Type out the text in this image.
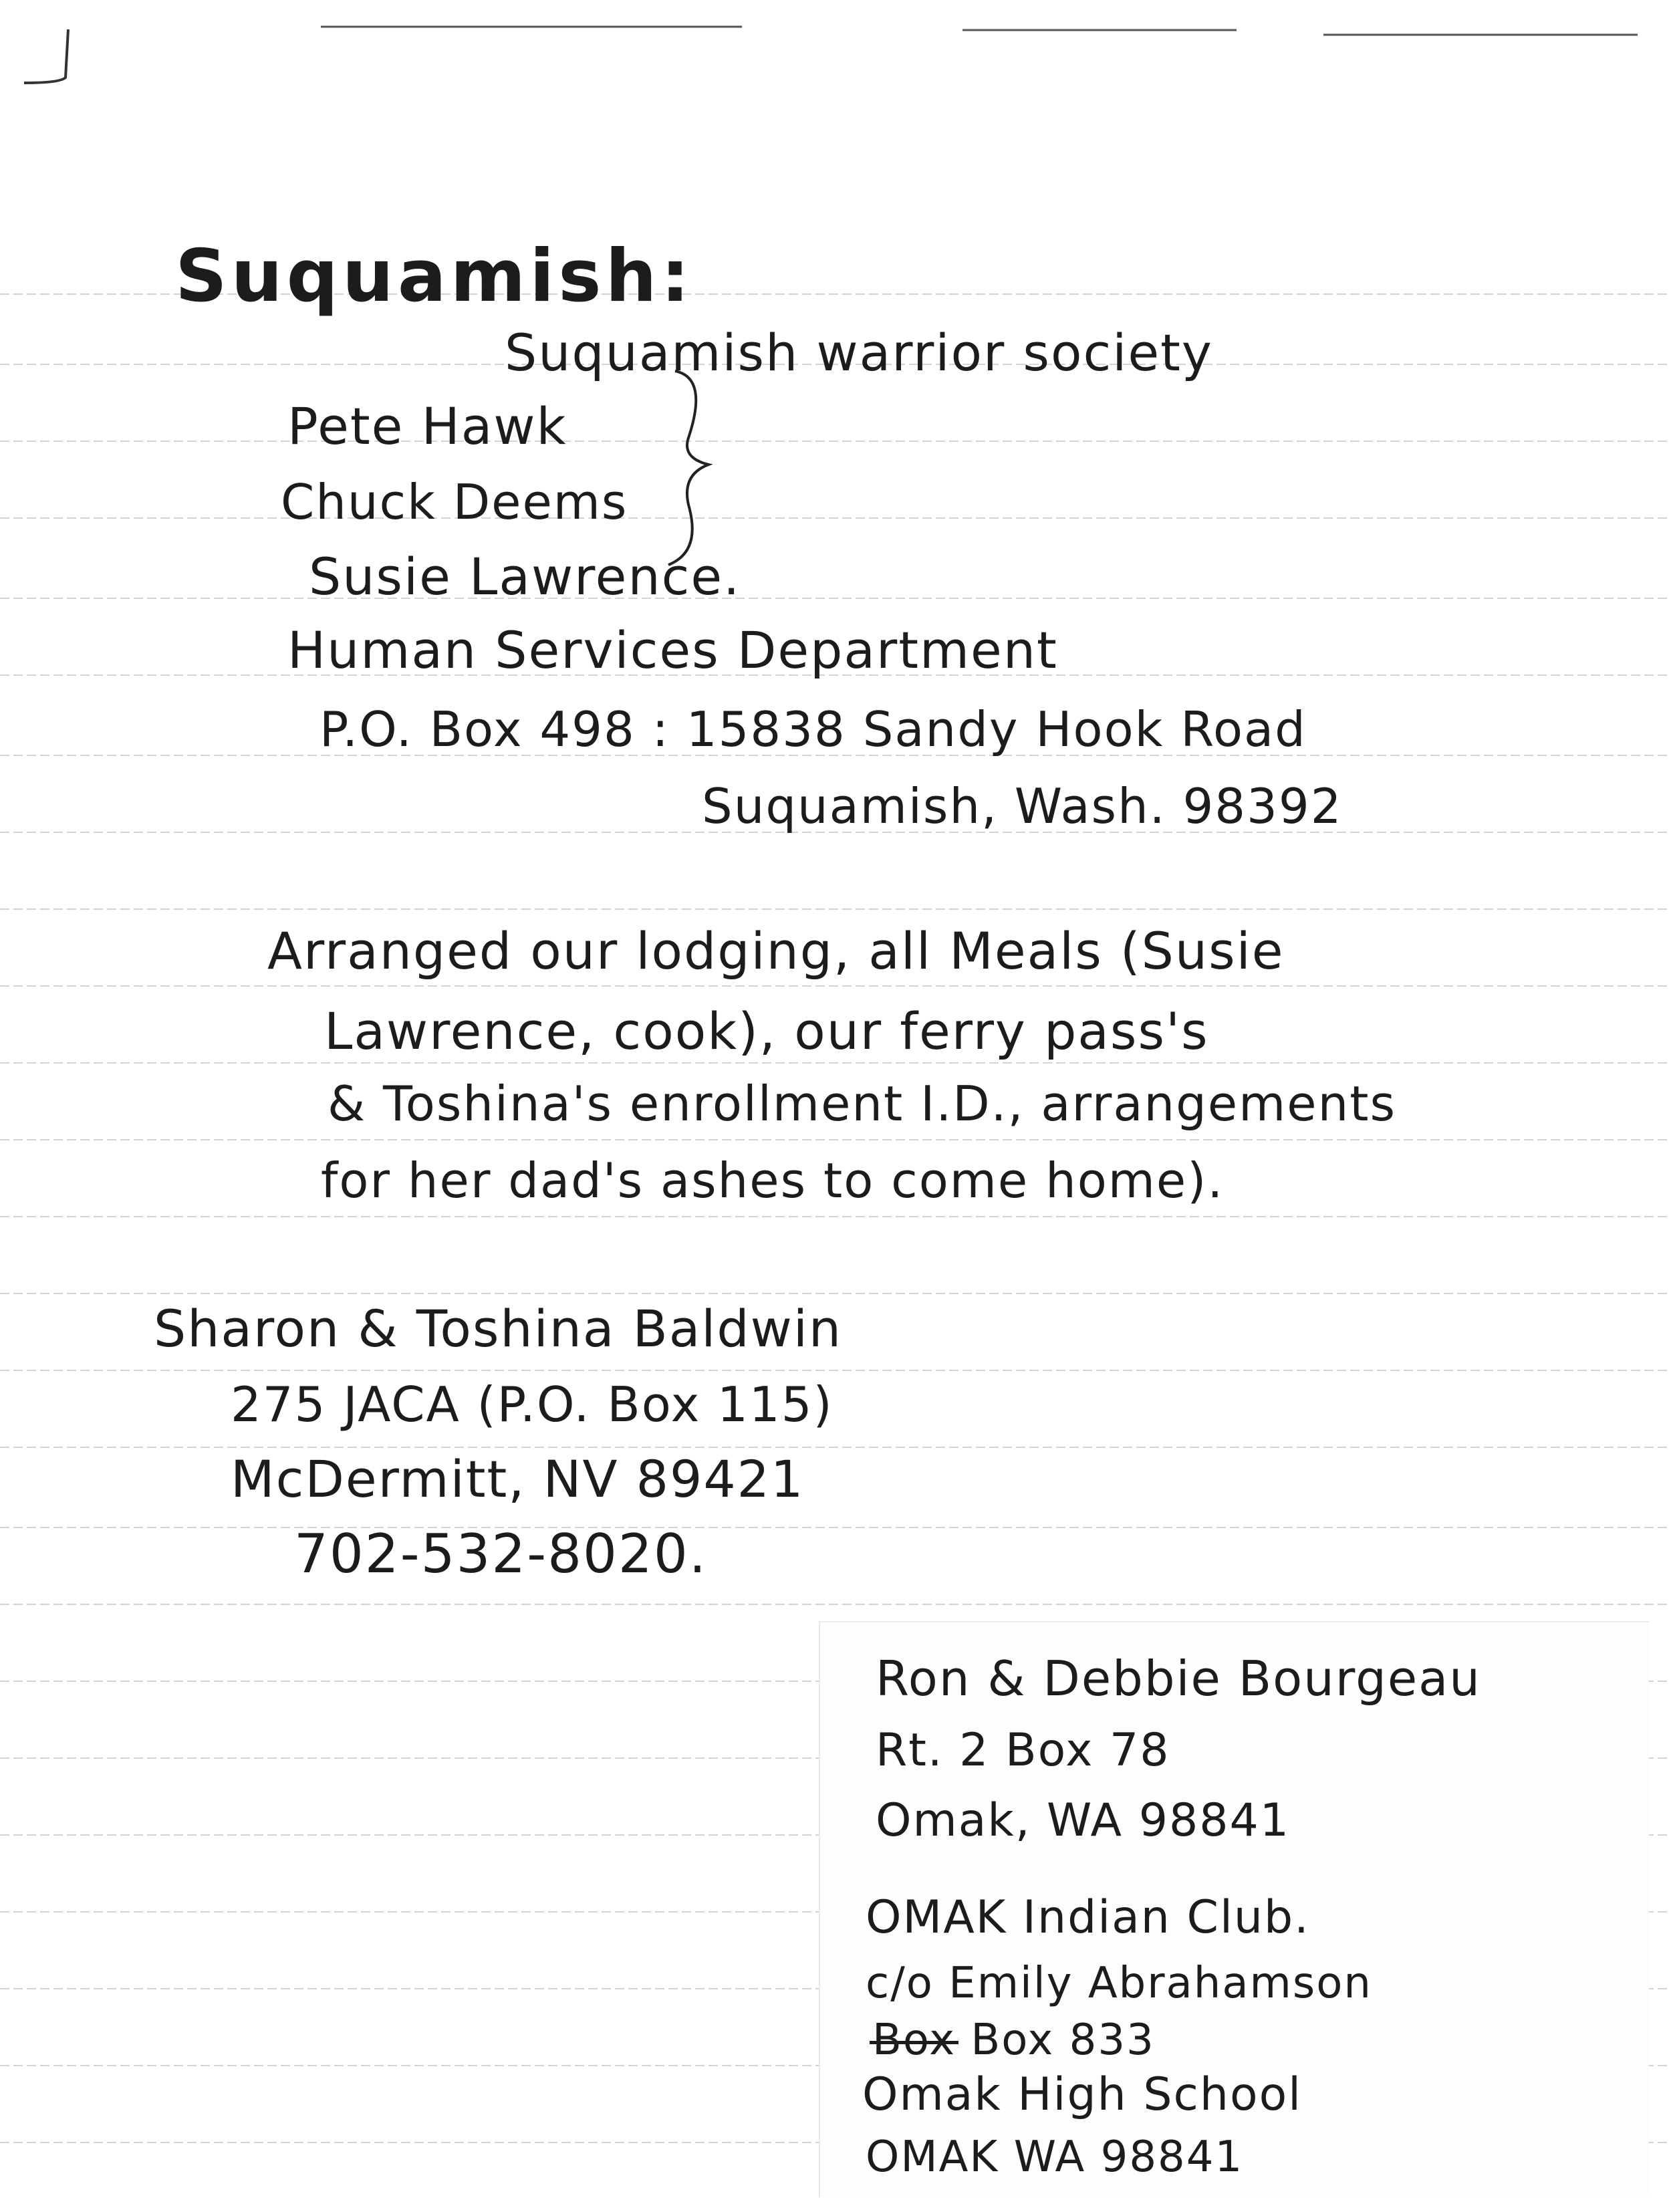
Suquamish:
Suquamish warrior society
Pete Hawk
Chuck Deems
Susie Lawrence.
Human Services Department
P.O. Box 498 : 15838 Sandy Hook Road
Suquamish, Wash. 98392
Arranged our lodging, all Meals (Susie
Lawrence, cook), our ferry pass's
& Toshina's enrollment I.D., arrangements
for her dad's ashes to come home).
Sharon & Toshina Baldwin
275 JACA (P.O. Box 115)
McDermitt, NV 89421
702-532-8020.
Ron & Debbie Bourgeau
Rt. 2 Box 78
Omak, WA 98841
OMAK Indian Club.
c/o Emily Abrahamson
Box Box 833
Omak High School
OMAK WA 98841
